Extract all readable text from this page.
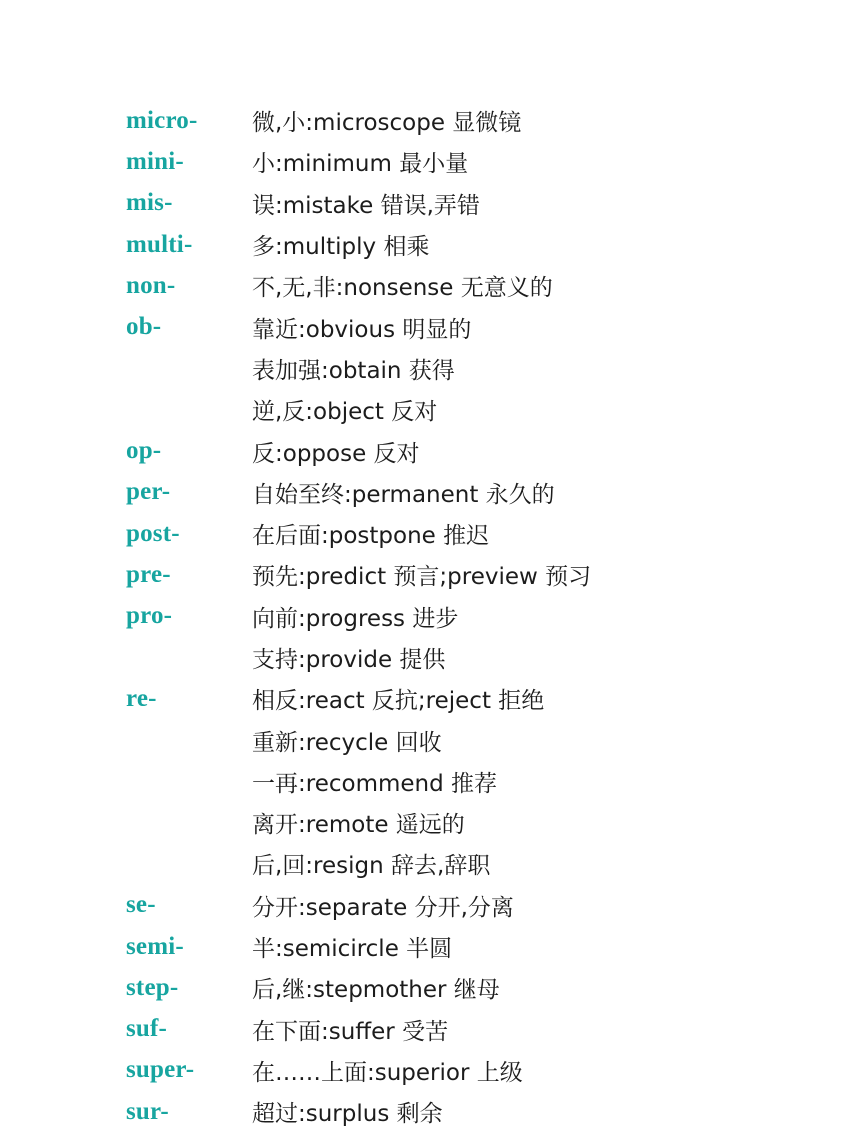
micro-	微,小:microscope 显微镜
mini-	小:minimum 最小量
mis-	误:mistake 错误,弄错
multi-	多:multiply 相乘
non-	不,无,非:nonsense 无意义的
ob-	靠近:obvious 明显的
表加强:obtain 获得
逆,反:object 反对
op-	反:oppose 反对
per-	自始至终:permanent 永久的
post-	在后面:postpone 推迟
pre-	预先:predict 预言;preview 预习
pro-	向前:progress 进步
支持:provide 提供
re-	相反:react 反抗;reject 拒绝
重新:recycle 回收
一再:recommend 推荐
离开:remote 遥远的
后,回:resign 辞去,辞职
se-	分开:separate 分开,分离
semi-	半:semicircle 半圆
step-	后,继:stepmother 继母
suf-	在下面:suffer 受苦
super-	在……上面:superior 上级
sur-	超过:surplus 剩余
